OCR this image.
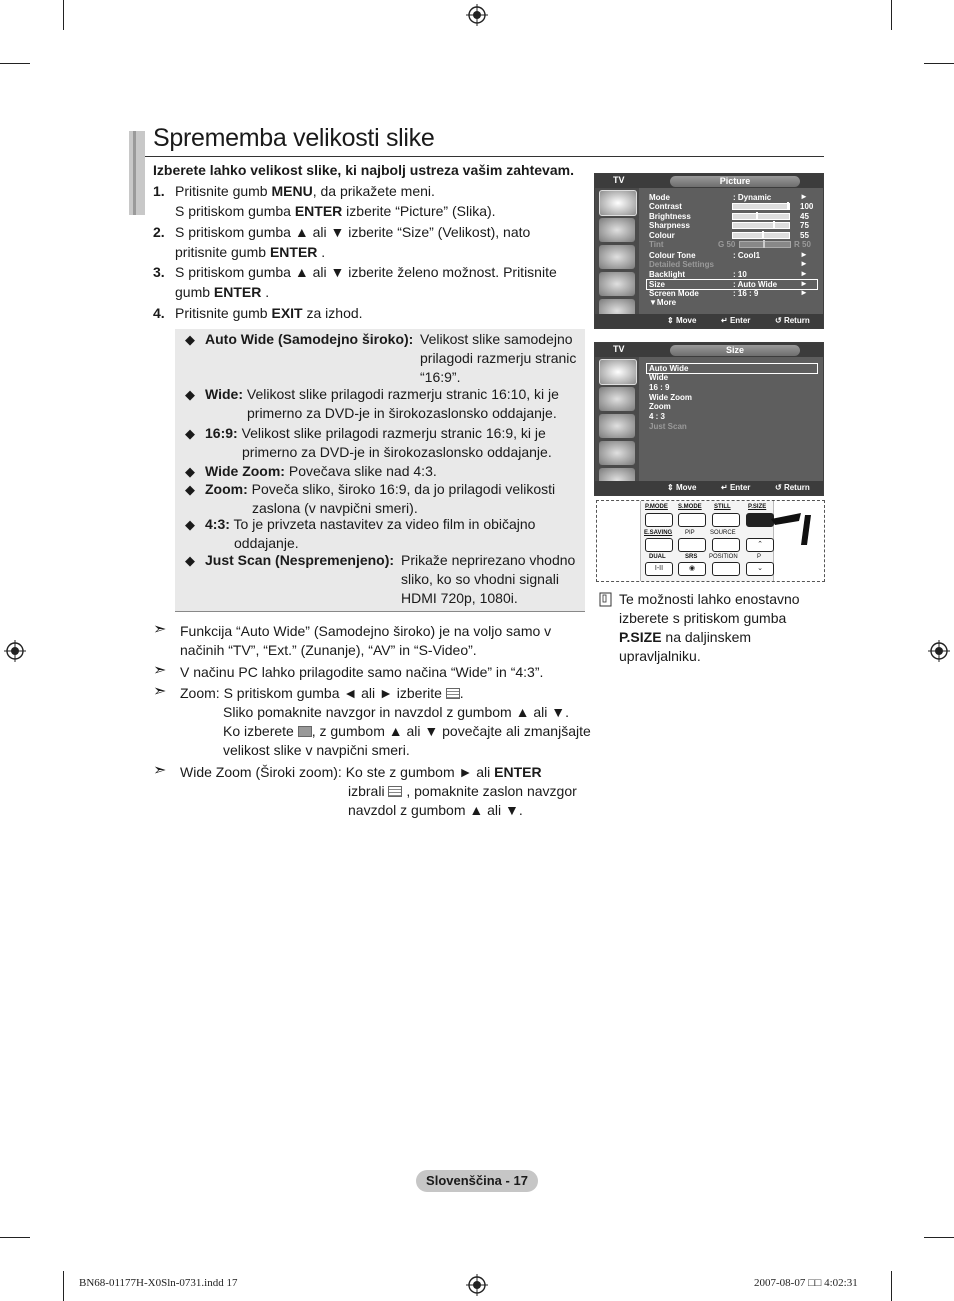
Sprememba velikosti slike
Izberete lahko velikost slike, ki najbolj ustreza vašim zahtevam.
1. Pritisnite gumb MENU, da prikažete meni.
S pritiskom gumba ENTER izberite “Picture” (Slika).
2. S pritiskom gumba ▲ ali ▼ izberite “Size” (Velikost), nato
pritisnite gumb ENTER .
3. S pritiskom gumba ▲ ali ▼ izberite želeno možnost. Pritisnite
gumb ENTER .
4. Pritisnite gumb EXIT za izhod.
◆ Auto Wide (Samodejno široko): Velikost slike samodejno
prilagodi razmerju stranic
“16:9”.
◆ Wide: Velikost slike prilagodi razmerju stranic 16:10, ki je
primerno za DVD-je in širokozaslonsko oddajanje.
◆ 16:9: Velikost slike prilagodi razmerju stranic 16:9, ki je
primerno za DVD-je in širokozaslonsko oddajanje.
◆ Wide Zoom: Povečava slike nad 4:3.
◆ Zoom: Poveča sliko, široko 16:9, da jo prilagodi velikosti
zaslona (v navpični smeri).
◆ 4:3: To je privzeta nastavitev za video film in običajno
oddajanje.
◆ Just Scan (Nespremenjeno): Prikaže neprirezano vhodno
sliko, ko so vhodni signali
HDMI 720p, 1080i.
➣ Funkcija “Auto Wide” (Samodejno široko) je na voljo samo v
načinih “TV”, “Ext.” (Zunanje), “AV” in “S-Video”.
➣ V načinu PC lahko prilagodite samo načina “Wide” in “4:3”.
➣ Zoom: S pritiskom gumba ◄ ali ► izberite .
Sliko pomaknite navzgor in navzdol z gumbom ▲ ali ▼.
Ko izberete , z gumbom ▲ ali ▼ povečajte ali zmanjšajte
velikost slike v navpični smeri.
➣ Wide Zoom (Široki zoom): Ko ste z gumbom ► ali ENTER
izbrali  , pomaknite zaslon navzgor
navzdol z gumbom ▲ ali ▼.
TV	Picture
Mode	: Dynamic	►
Contrast	100
Brightness	45
Sharpness	75
Colour	55
Tint	G 50	R 50
Colour Tone	: Cool1	►
Detailed Settings	►
Backlight	: 10	►
Size	: Auto Wide	►
Screen Mode	: 16 : 9	►
▼More
⇕ Move	↵ Enter	↺ Return
TV	Size
Auto Wide
Wide
16 : 9
Wide Zoom
Zoom
4 : 3
Just Scan
⇕ Move	↵ Enter	↺ Return
P.MODE S.MODE STILL	P.SIZE
E.SAVING PIP	SOURCE
⌃
DUAL	SRS POSITION	P
I-II	◉	⌄
Te možnosti lahko enostavno
izberete s pritiskom gumba
P.SIZE na daljinskem
upravljalniku.
Slovenščina - 17
BN68-01177H-X0Sln-0731.indd 17	2007-08-07 □□ 4:02:31
